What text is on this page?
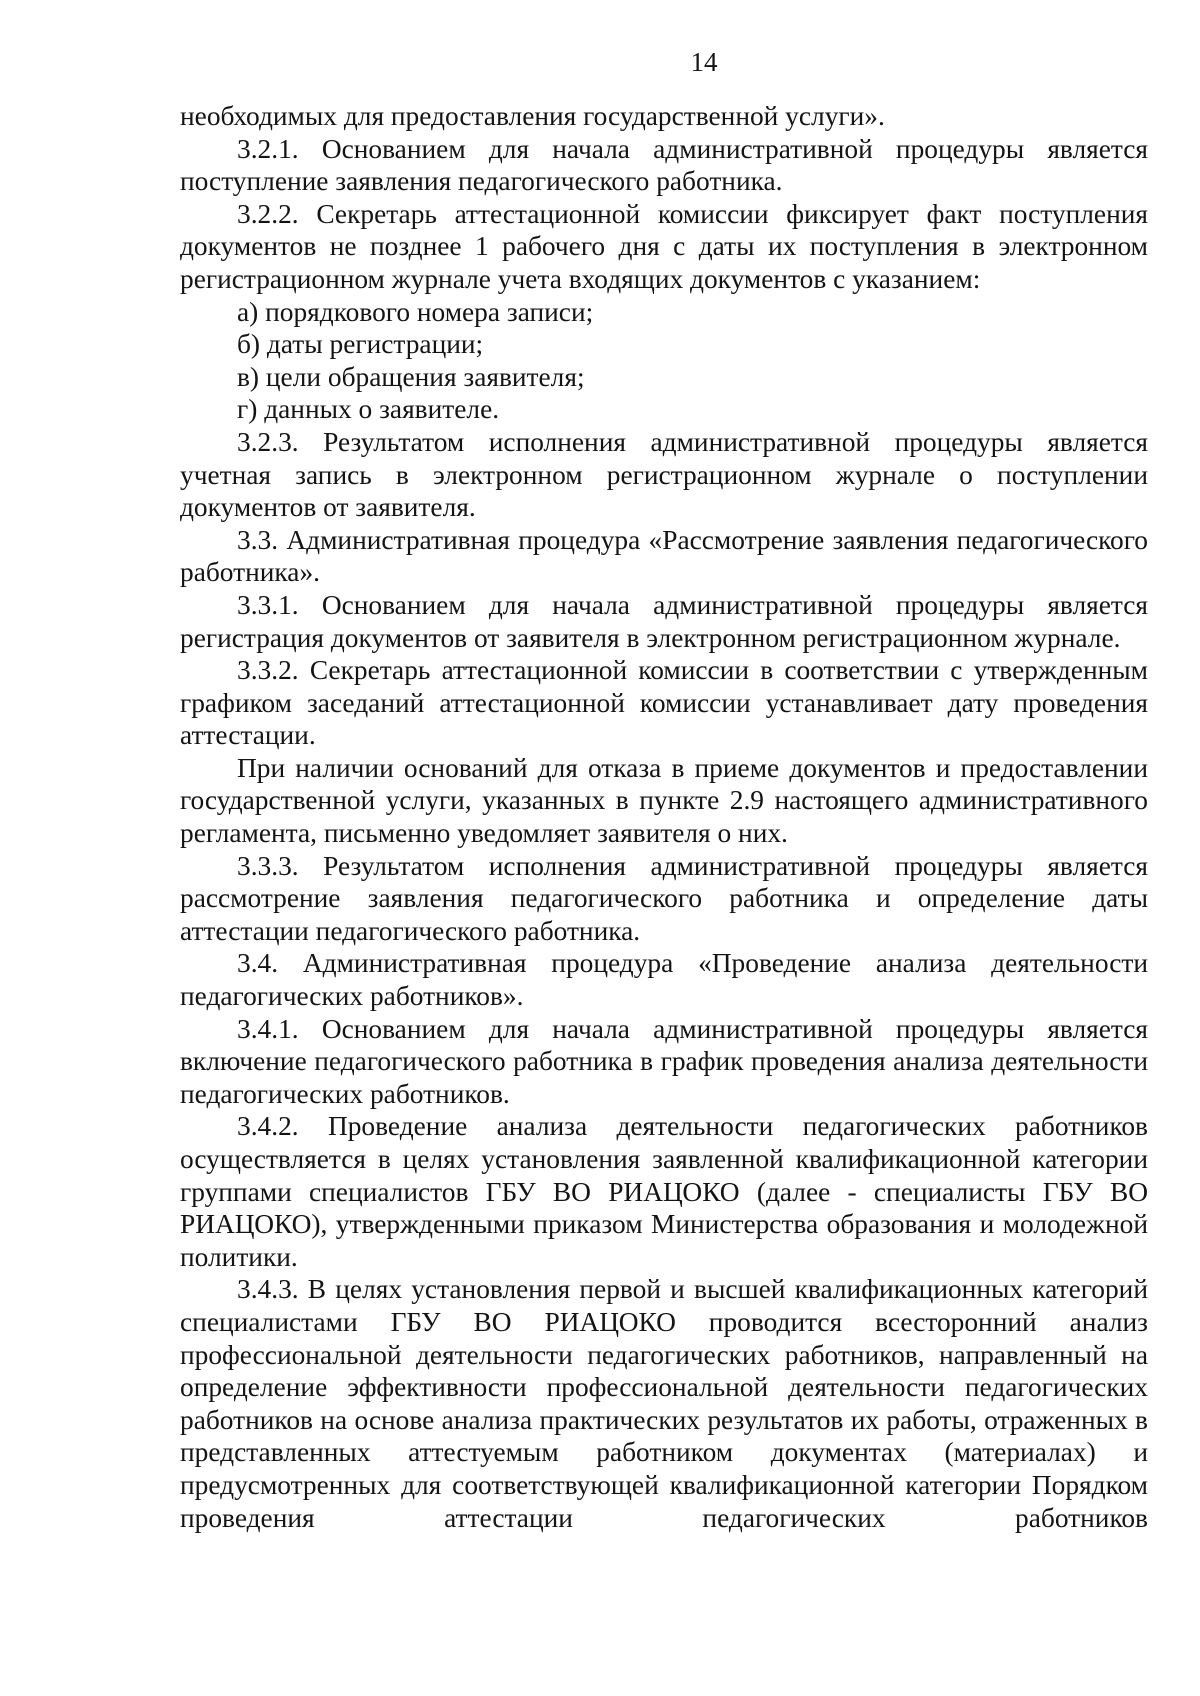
14

необходимых для предоставления государственной услуги».

3.2.1. Основанием для начала административной процедуры является поступление заявления педагогического работника.

3.2.2. Секретарь аттестационной комиссии фиксирует факт поступления документов не позднее 1 рабочего дня с даты их поступления в электронном регистрационном журнале учета входящих документов с указанием:

а) порядкового номера записи;

б) даты регистрации;

в) цели обращения заявителя;

г) данных о заявителе.

3.2.3. Результатом исполнения административной процедуры является учетная запись в электронном регистрационном журнале о поступлении документов от заявителя.

3.3. Административная процедура «Рассмотрение заявления педагогического работника».

3.3.1. Основанием для начала административной процедуры является регистрация документов от заявителя в электронном регистрационном журнале.

3.3.2. Секретарь аттестационной комиссии в соответствии с утвержденным графиком заседаний аттестационной комиссии устанавливает дату проведения аттестации.

При наличии оснований для отказа в приеме документов и предоставлении государственной услуги, указанных в пункте 2.9 настоящего административного регламента, письменно уведомляет заявителя о них.

3.3.3. Результатом исполнения административной процедуры является рассмотрение заявления педагогического работника и определение даты аттестации педагогического работника.

3.4. Административная процедура «Проведение анализа деятельности педагогических работников».

3.4.1. Основанием для начала административной процедуры является включение педагогического работника в график проведения анализа деятельности педагогических работников.

3.4.2. Проведение анализа деятельности педагогических работников осуществляется в целях установления заявленной квалификационной категории группами специалистов ГБУ ВО РИАЦОКО (далее - специалисты ГБУ ВО РИАЦОКО), утвержденными приказом Министерства образования и молодежной политики.

3.4.3. В целях установления первой и высшей квалификационных категорий специалистами ГБУ ВО РИАЦОКО проводится всесторонний анализ профессиональной деятельности педагогических работников, направленный на определение эффективности профессиональной деятельности педагогических работников на основе анализа практических результатов их работы, отраженных в представленных аттестуемым работником документах (материалах) и предусмотренных для соответствующей квалификационной категории Порядком проведения аттестации педагогических работников
